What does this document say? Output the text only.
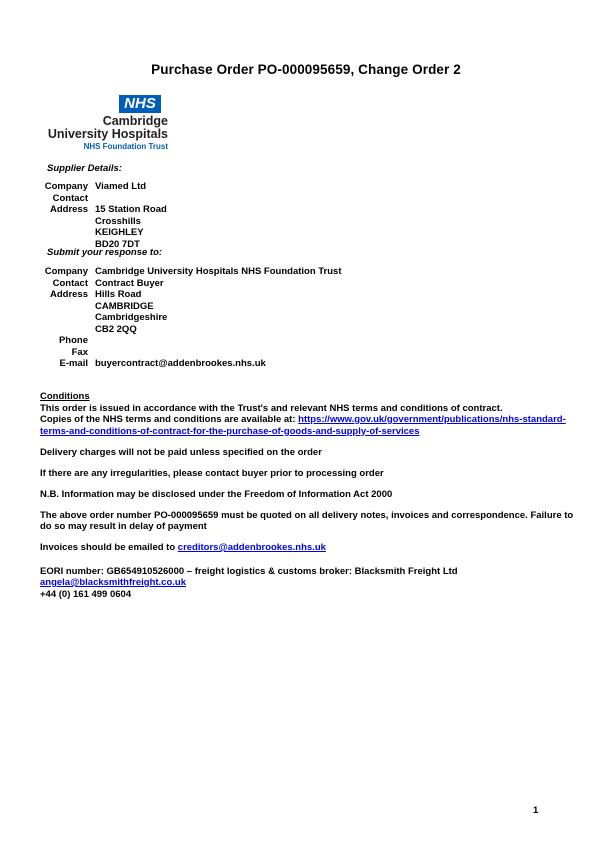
Purchase Order PO-000095659, Change Order 2
NHS
Cambridge
University Hospitals
NHS Foundation Trust
Supplier Details:
Company Viamed Ltd
Contact
Address 15 Station Road
Crosshills
KEIGHLEY
BD20 7DT
Submit your response to:
Company Cambridge University Hospitals NHS Foundation Trust
Contact Contract Buyer
Address Hills Road
CAMBRIDGE
Cambridgeshire
CB2 2QQ
Phone
Fax
E-mail buyercontract@addenbrookes.nhs.uk
Conditions

This order is issued in accordance with the Trust's and relevant NHS terms and conditions of contract.
Copies of the NHS terms and conditions are available at: https://www.gov.uk/government/publications/nhs-standard-terms-and-conditions-of-contract-for-the-purchase-of-goods-and-supply-of-services

Delivery charges will not be paid unless specified on the order

If there are any irregularities, please contact buyer prior to processing order

N.B. Information may be disclosed under the Freedom of Information Act 2000

The above order number PO-000095659 must be quoted on all delivery notes, invoices and correspondence. Failure to do so may result in delay of payment

Invoices should be emailed to creditors@addenbrookes.nhs.uk

EORI number: GB654910526000 – freight logistics & customs broker: Blacksmith Freight Ltd angela@blacksmithfreight.co.uk
+44 (0) 161 499 0604

1
